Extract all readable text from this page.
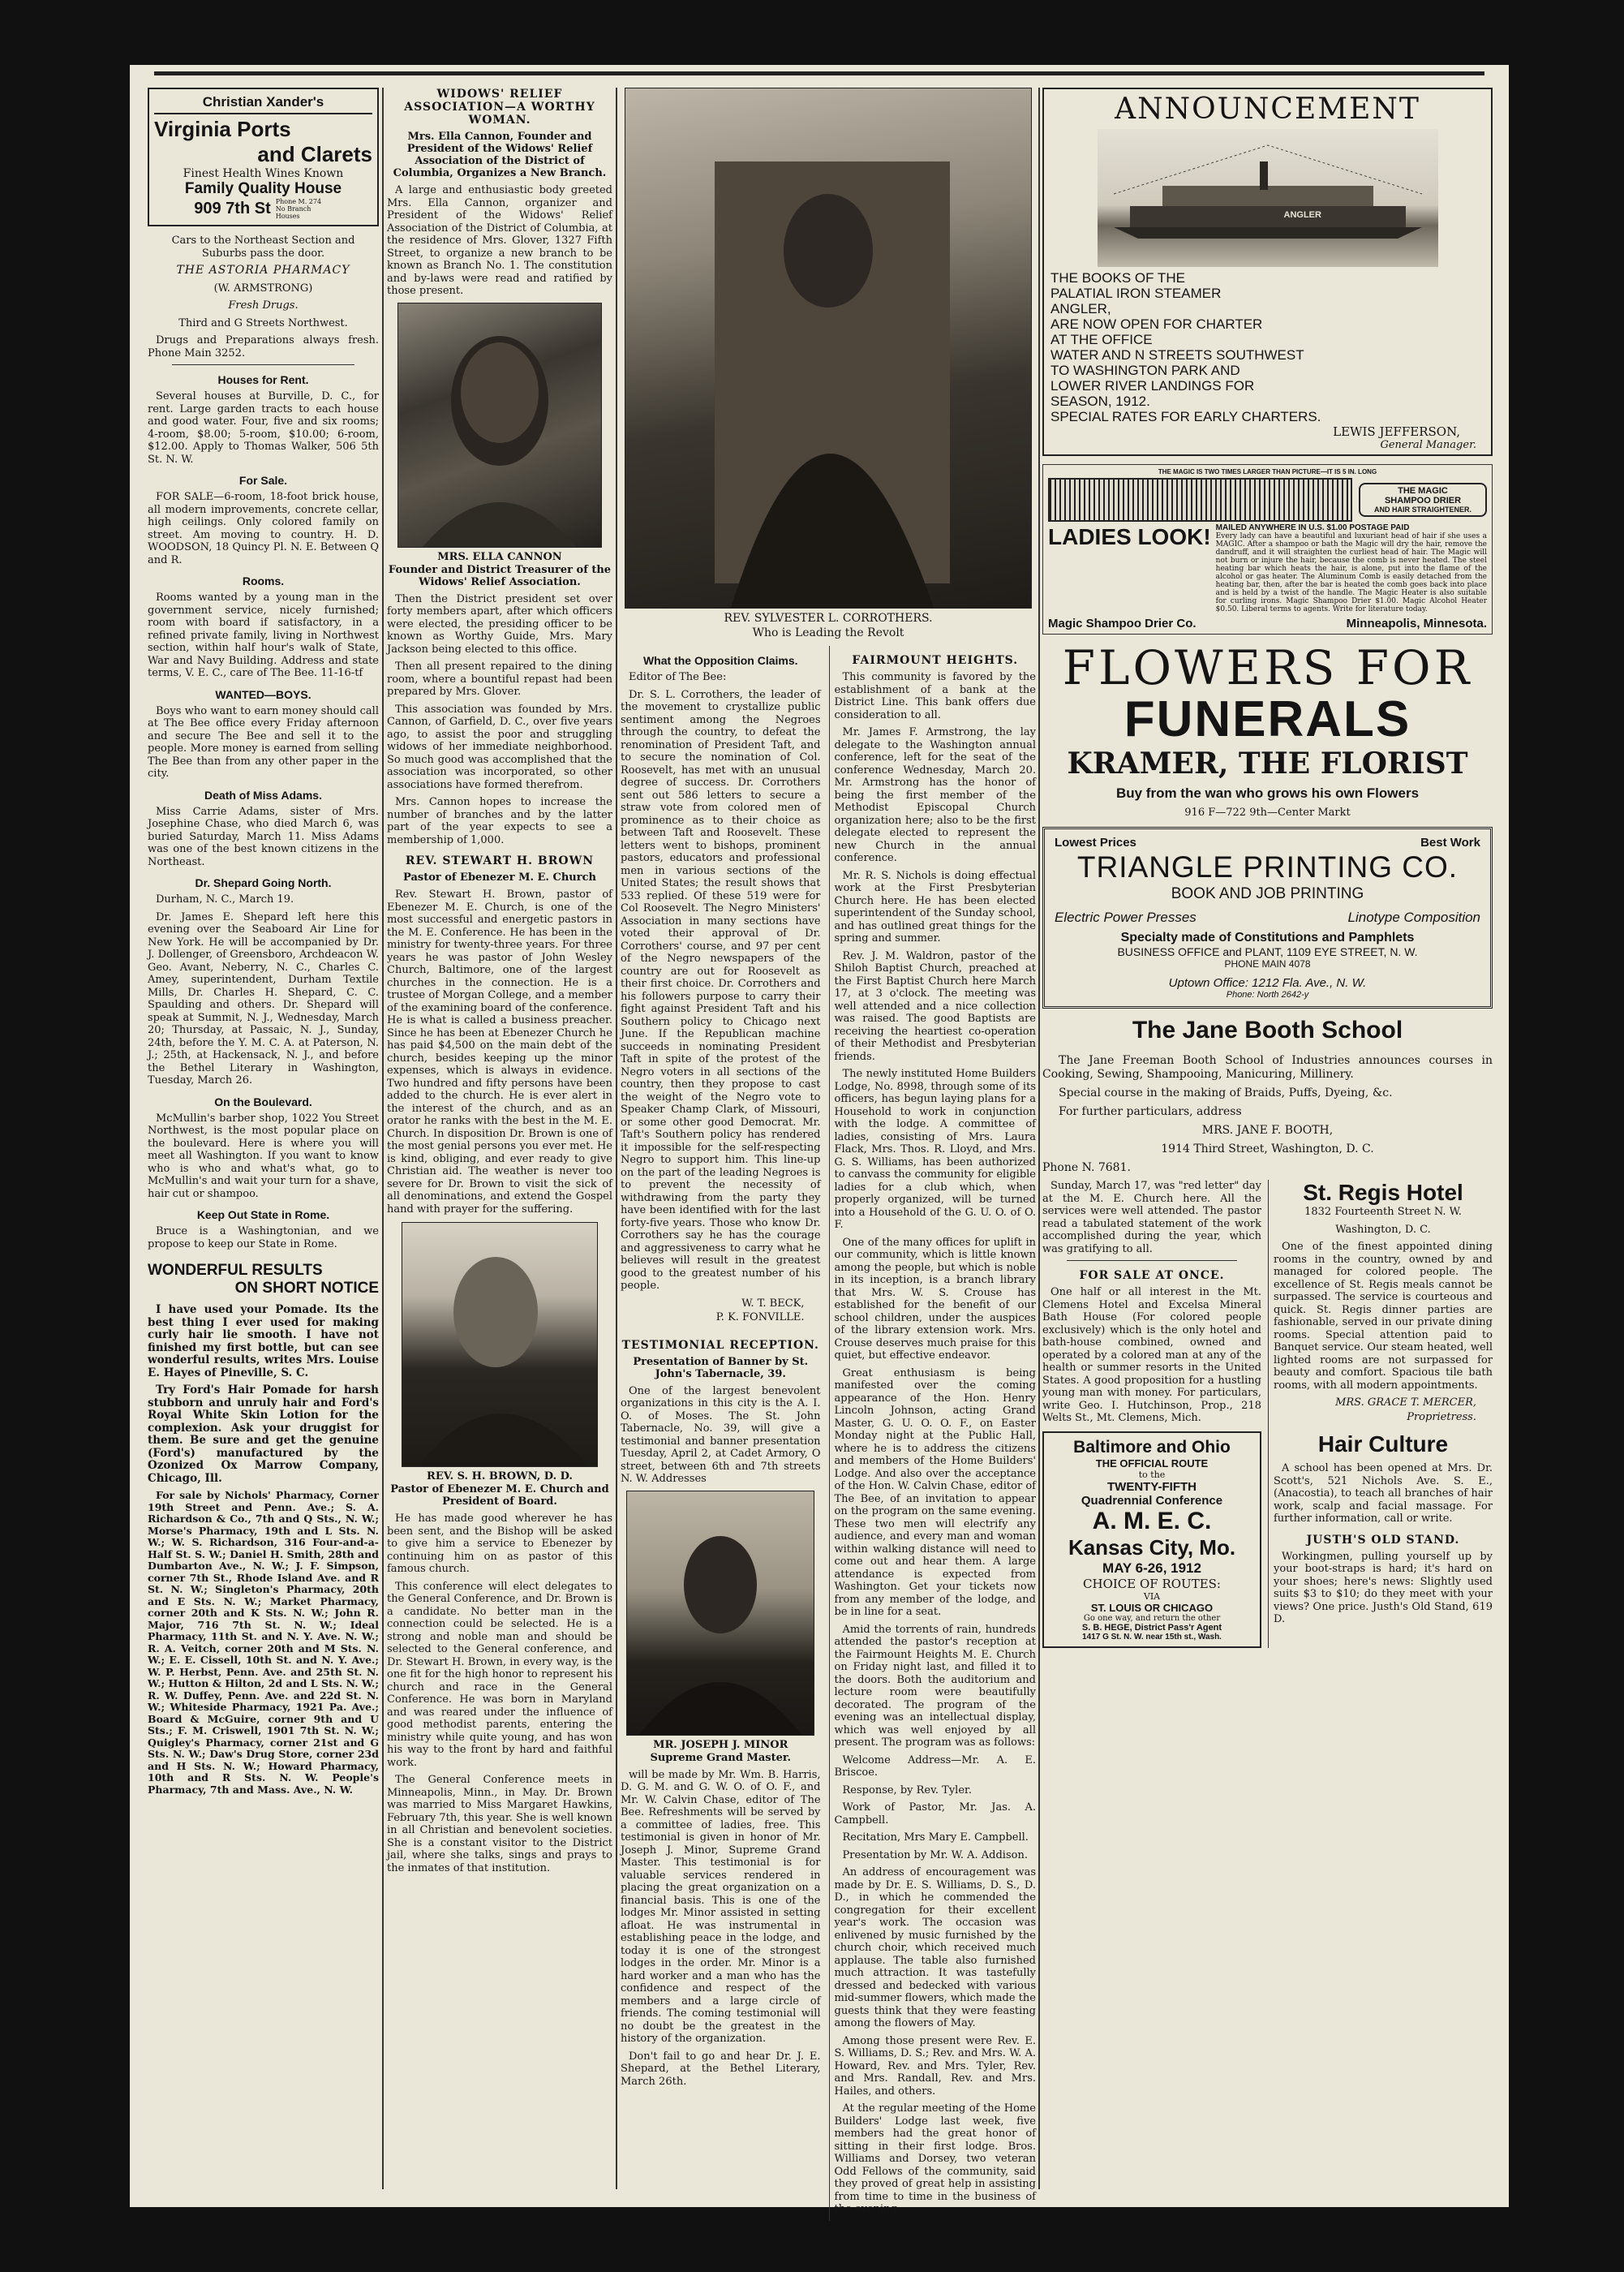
Christian Xander's
Virginia Ports
and Clarets
Finest Health Wines Known
Family Quality House
909 7th St Phone M. 274 No Branch Houses

Cars to the Northeast Section and Suburbs pass the door.

THE ASTORIA PHARMACY

(W. ARMSTRONG)

Fresh Drugs.

Third and G Streets Northwest.

Drugs and Preparations always fresh. Phone Main 3252.

Houses for Rent.

Several houses at Burville, D. C., for rent. Large garden tracts to each house and good water. Four, five and six rooms; 4-room, $8.00; 5-room, $10.00; 6-room, $12.00. Apply to Thomas Walker, 506 5th St. N. W.

For Sale.

FOR SALE—6-room, 18-foot brick house, all modern improvements, concrete cellar, high ceilings. Only colored family on street. Am moving to country. H. D. WOODSON, 18 Quincy Pl. N. E. Between Q and R.

Rooms.

Rooms wanted by a young man in the government service, nicely furnished; room with board if satisfactory, in a refined private family, living in Northwest section, within half hour's walk of State, War and Navy Building. Address and state terms, V. E. C., care of The Bee. 11-16-tf

WANTED—BOYS.

Boys who want to earn money should call at The Bee office every Friday afternoon and secure The Bee and sell it to the people. More money is earned from selling The Bee than from any other paper in the city.

Death of Miss Adams.

Miss Carrie Adams, sister of Mrs. Josephine Chase, who died March 6, was buried Saturday, March 11. Miss Adams was one of the best known citizens in the Northeast.

Dr. Shepard Going North.

Durham, N. C., March 19.

Dr. James E. Shepard left here this evening over the Seaboard Air Line for New York. He will be accompanied by Dr. J. Dollenger, of Greensboro, Archdeacon W. Geo. Avant, Neberry, N. C., Charles C. Amey, superintendent, Durham Textile Mills, Dr. Charles H. Shepard, C. C. Spaulding and others. Dr. Shepard will speak at Summit, N. J., Wednesday, March 20; Thursday, at Passaic, N. J., Sunday, 24th, before the Y. M. C. A. at Paterson, N. J.; 25th, at Hackensack, N. J., and before the Bethel Literary in Washington, Tuesday, March 26.

On the Boulevard.

McMullin's barber shop, 1022 You Street Northwest, is the most popular place on the boulevard. Here is where you will meet all Washington. If you want to know who is who and what's what, go to McMullin's and wait your turn for a shave, hair cut or shampoo.

Keep Out State in Rome.

Bruce is a Washingtonian, and we propose to keep our State in Rome.

WONDERFUL RESULTS
ON SHORT NOTICE

I have used your Pomade. Its the best thing I ever used for making curly hair lie smooth. I have not finished my first bottle, but can see wonderful results, writes Mrs. Louise E. Hayes of Pineville, S. C.

Try Ford's Hair Pomade for harsh stubborn and unruly hair and Ford's Royal White Skin Lotion for the complexion. Ask your druggist for them. Be sure and get the genuine (Ford's) manufactured by the Ozonized Ox Marrow Company, Chicago, Ill.

For sale by Nichols' Pharmacy, Corner 19th Street and Penn. Ave.; S. A. Richardson & Co., 7th and Q Sts., N. W.; Morse's Pharmacy, 19th and L Sts. N. W.; W. S. Richardson, 316 Four-and-a-Half St. S. W.; Daniel H. Smith, 28th and Dumbarton Ave., N. W.; J. F. Simpson, corner 7th St., Rhode Island Ave. and R St. N. W.; Singleton's Pharmacy, 20th and E Sts. N. W.; Market Pharmacy, corner 20th and K Sts. N. W.; John R. Major, 716 7th St. N. W.; Ideal Pharmacy, 11th St. and N. Y. Ave. N. W.; R. A. Veitch, corner 20th and M Sts. N. W.; E. E. Cissell, 10th St. and N. Y. Ave.; W. P. Herbst, Penn. Ave. and 25th St. N. W.; Hutton & Hilton, 2d and L Sts. N. W.; R. W. Duffey, Penn. Ave. and 22d St. N. W.; Whiteside Pharmacy, 1921 Pa. Ave.; Board & McGuire, corner 9th and U Sts.; F. M. Criswell, 1901 7th St. N. W.; Quigley's Pharmacy, corner 21st and G Sts. N. W.; Daw's Drug Store, corner 23d and H Sts. N. W.; Howard Pharmacy, 10th and R Sts. N. W. People's Pharmacy, 7th and Mass. Ave., N. W.

WIDOWS' RELIEF ASSOCIATION—A WORTHY WOMAN.
Mrs. Ella Cannon, Founder and President of the Widows' Relief Association of the District of Columbia, Organizes a New Branch.

A large and enthusiastic body greeted Mrs. Ella Cannon, organizer and President of the Widows' Relief Association of the District of Columbia, at the residence of Mrs. Glover, 1327 Fifth Street, to organize a new branch to be known as Branch No. 1. The constitution and by-laws were read and ratified by those present.

MRS. ELLA CANNON
Founder and District Treasurer of the Widows' Relief Association.

Then the District president set over forty members apart, after which officers were elected, the presiding officer to be known as Worthy Guide, Mrs. Mary Jackson being elected to this office.

Then all present repaired to the dining room, where a bountiful repast had been prepared by Mrs. Glover.

This association was founded by Mrs. Cannon, of Garfield, D. C., over five years ago, to assist the poor and struggling widows of her immediate neighborhood. So much good was accomplished that the association was incorporated, so other associations have formed therefrom.

Mrs. Cannon hopes to increase the number of branches and by the latter part of the year expects to see a membership of 1,000.

REV. STEWART H. BROWN
Pastor of Ebenezer M. E. Church

Rev. Stewart H. Brown, pastor of Ebenezer M. E. Church, is one of the most successful and energetic pastors in the M. E. Conference. He has been in the ministry for twenty-three years. For three years he was pastor of John Wesley Church, Baltimore, one of the largest churches in the connection. He is a trustee of Morgan College, and a member of the examining board of the conference. He is what is called a business preacher. Since he has been at Ebenezer Church he has paid $4,500 on the main debt of the church, besides keeping up the minor expenses, which is always in evidence. Two hundred and fifty persons have been added to the church. He is ever alert in the interest of the church, and as an orator he ranks with the best in the M. E. Church. In disposition Dr. Brown is one of the most genial persons you ever met. He is kind, obliging, and ever ready to give Christian aid. The weather is never too severe for Dr. Brown to visit the sick of all denominations, and extend the Gospel hand with prayer for the suffering.

REV. S. H. BROWN, D. D.
Pastor of Ebenezer M. E. Church and President of Board.

He has made good wherever he has been sent, and the Bishop will be asked to give him a service to Ebenezer by continuing him on as pastor of this famous church.

This conference will elect delegates to the General Conference, and Dr. Brown is a candidate. No better man in the connection could be selected. He is a strong and noble man and should be selected to the General conference, and Dr. Stewart H. Brown, in every way, is the one fit for the high honor to represent his church and race in the General Conference. He was born in Maryland and was reared under the influence of good methodist parents, entering the ministry while quite young, and has won his way to the front by hard and faithful work.

The General Conference meets in Minneapolis, Minn., in May. Dr. Brown was married to Miss Margaret Hawkins, February 7th, this year. She is well known in all Christian and benevolent societies. She is a constant visitor to the District jail, where she talks, sings and prays to the inmates of that institution.

REV. SYLVESTER L. CORROTHERS.
Who is Leading the Revolt
What the Opposition Claims.

Editor of The Bee:

Dr. S. L. Corrothers, the leader of the movement to crystallize public sentiment among the Negroes through the country, to defeat the renomination of President Taft, and to secure the nomination of Col. Roosevelt, has met with an unusual degree of success. Dr. Corrothers sent out 586 letters to secure a straw vote from colored men of prominence as to their choice as between Taft and Roosevelt. These letters went to bishops, prominent pastors, educators and professional men in various sections of the United States; the result shows that 533 replied. Of these 519 were for Col Roosevelt. The Negro Ministers' Association in many sections have voted their approval of Dr. Corrothers' course, and 97 per cent of the Negro newspapers of the country are out for Roosevelt as their first choice. Dr. Corrothers and his followers purpose to carry their fight against President Taft and his Southern policy to Chicago next June. If the Republican machine succeeds in nominating President Taft in spite of the protest of the Negro voters in all sections of the country, then they propose to cast the weight of the Negro vote to Speaker Champ Clark, of Missouri, or some other good Democrat. Mr. Taft's Southern policy has rendered it impossible for the self-respecting Negro to support him. This line-up on the part of the leading Negroes is to prevent the necessity of withdrawing from the party they have been identified with for the last forty-five years. Those who know Dr. Corrothers say he has the courage and aggressiveness to carry what he believes will result in the greatest good to the greatest number of his people.

W. T. BECK,

P. K. FONVILLE.

TESTIMONIAL RECEPTION.
Presentation of Banner by St. John's Tabernacle, 39.

One of the largest benevolent organizations in this city is the A. I. O. of Moses. The St. John Tabernacle, No. 39, will give a testimonial and banner presentation Tuesday, April 2, at Cadet Armory, O street, between 6th and 7th streets N. W. Addresses

MR. JOSEPH J. MINOR
Supreme Grand Master.

will be made by Mr. Wm. B. Harris, D. G. M. and G. W. O. of O. F., and Mr. W. Calvin Chase, editor of The Bee. Refreshments will be served by a committee of ladies, free. This testimonial is given in honor of Mr. Joseph J. Minor, Supreme Grand Master. This testimonial is for valuable services rendered in placing the great organization on a financial basis. This is one of the lodges Mr. Minor assisted in setting afloat. He was instrumental in establishing peace in the lodge, and today it is one of the strongest lodges in the order. Mr. Minor is a hard worker and a man who has the confidence and respect of the members and a large circle of friends. The coming testimonial will no doubt be the greatest in the history of the organization.

Don't fail to go and hear Dr. J. E. Shepard, at the Bethel Literary, March 26th.

FAIRMOUNT HEIGHTS.

This community is favored by the establishment of a bank at the District Line. This bank offers due consideration to all.

Mr. James F. Armstrong, the lay delegate to the Washington annual conference, left for the seat of the conference Wednesday, March 20. Mr. Armstrong has the honor of being the first member of the Methodist Episcopal Church organization here; also to be the first delegate elected to represent the new Church in the annual conference.

Mr. R. S. Nichols is doing effectual work at the First Presbyterian Church here. He has been elected superintendent of the Sunday school, and has outlined great things for the spring and summer.

Rev. J. M. Waldron, pastor of the Shiloh Baptist Church, preached at the First Baptist Church here March 17, at 3 o'clock. The meeting was well attended and a nice collection was raised. The good Baptists are receiving the heartiest co-operation of their Methodist and Presbyterian friends.

The newly instituted Home Builders Lodge, No. 8998, through some of its officers, has begun laying plans for a Household to work in conjunction with the lodge. A committee of ladies, consisting of Mrs. Laura Flack, Mrs. Thos. R. Lloyd, and Mrs. G. S. Williams, has been authorized to canvass the community for eligible ladies for a club which, when properly organized, will be turned into a Household of the G. U. O. of O. F.

One of the many offices for uplift in our community, which is little known among the people, but which is noble in its inception, is a branch library that Mrs. W. S. Crouse has established for the benefit of our school children, under the auspices of the library extension work. Mrs. Crouse deserves much praise for this quiet, but effective endeavor.

Great enthusiasm is being manifested over the coming appearance of the Hon. Henry Lincoln Johnson, acting Grand Master, G. U. O. O. F., on Easter Monday night at the Public Hall, where he is to address the citizens and members of the Home Builders' Lodge. And also over the acceptance of the Hon. W. Calvin Chase, editor of The Bee, of an invitation to appear on the program on the same evening. These two men will electrify any audience, and every man and woman within walking distance will need to come out and hear them. A large attendance is expected from Washington. Get your tickets now from any member of the lodge, and be in line for a seat.

Amid the torrents of rain, hundreds attended the pastor's reception at the Fairmount Heights M. E. Church on Friday night last, and filled it to the doors. Both the auditorium and lecture room were beautifully decorated. The program of the evening was an intellectual display, which was well enjoyed by all present. The program was as follows:

Welcome Address—Mr. A. E. Briscoe.

Response, by Rev. Tyler.

Work of Pastor, Mr. Jas. A. Campbell.

Recitation, Mrs Mary E. Campbell.

Presentation by Mr. W. A. Addison.

An address of encouragement was made by Dr. E. S. Williams, D. S., D. D., in which he commended the congregation for their excellent year's work. The occasion was enlivened by music furnished by the church choir, which received much applause. The table also furnished much attraction. It was tastefully dressed and bedecked with various mid-summer flowers, which made the guests think that they were feasting among the flowers of May.

Among those present were Rev. E. S. Williams, D. S.; Rev. and Mrs. W. A. Howard, Rev. and Mrs. Tyler, Rev. and Mrs. Randall, Rev. and Mrs. Hailes, and others.

At the regular meeting of the Home Builders' Lodge last week, five members had the great honor of sitting in their first lodge. Bros. Williams and Dorsey, two veteran Odd Fellows of the community, said they proved of great help in assisting from time to time in the business of the evening.

ANNOUNCEMENT
ANGLER
THE BOOKS OF THE
PALATIAL IRON STEAMER
ANGLER,
ARE NOW OPEN FOR CHARTER
AT THE OFFICE
WATER AND N STREETS SOUTHWEST
TO WASHINGTON PARK AND
LOWER RIVER LANDINGS FOR
SEASON, 1912.
SPECIAL RATES FOR EARLY CHARTERS.
LEWIS JEFFERSON,
General Manager.
THE MAGIC IS TWO TIMES LARGER THAN PICTURE—IT IS 5 IN. LONG
THE MAGIC
SHAMPOO DRIER
AND HAIR STRAIGHTENER.
LADIES LOOK! MAILED ANYWHERE IN U.S. $1.00 POSTAGE PAID
Every lady can have a beautiful and luxuriant head of hair if she uses a MAGIC. After a shampoo or bath the Magic will dry the hair, remove the dandruff, and it will straighten the curliest head of hair. The Magic will not burn or injure the hair, because the comb is never heated. The steel heating bar which heats the hair, is alone, put into the flame of the alcohol or gas heater. The Aluminum Comb is easily detached from the heating bar, then, after the bar is heated the comb goes back into place and is held by a twist of the handle. The Magic Heater is also suitable for curling irons. Magic Shampoo Drier $1.00. Magic Alcohol Heater $0.50. Liberal terms to agents. Write for literature today.
Magic Shampoo Drier Co.	Minneapolis, Minnesota.
FLOWERS FOR
FUNERALS
KRAMER, THE FLORIST
Buy from the wan who grows his own Flowers
916 F—722 9th—Center Markt
Lowest Prices	Best Work
TRIANGLE PRINTING CO.
BOOK AND JOB PRINTING
Electric Power Presses	Linotype Composition
Specialty made of Constitutions and Pamphlets
BUSINESS OFFICE and PLANT, 1109 EYE STREET, N. W.
PHONE MAIN 4078
Uptown Office: 1212 Fla. Ave., N. W.
Phone: North 2642-y
The Jane Booth School

The Jane Freeman Booth School of Industries announces courses in Cooking, Sewing, Shampooing, Manicuring, Millinery.

Special course in the making of Braids, Puffs, Dyeing, &c.

For further particulars, address

MRS. JANE F. BOOTH,

1914 Third Street, Washington, D. C.

Phone N. 7681.

Sunday, March 17, was "red letter" day at the M. E. Church here. All the services were well attended. The pastor read a tabulated statement of the work accomplished during the year, which was gratifying to all.

FOR SALE AT ONCE.

One half or all interest in the Mt. Clemens Hotel and Excelsa Mineral Bath House (For colored people exclusively) which is the only hotel and bath-house combined, owned and operated by a colored man at any of the health or summer resorts in the United States. A good proposition for a hustling young man with money. For particulars, write Geo. I. Hutchinson, Prop., 218 Welts St., Mt. Clemens, Mich.

Baltimore and Ohio
THE OFFICIAL ROUTE
to the
TWENTY-FIFTH
Quadrennial Conference
A. M. E. C.
Kansas City, Mo.
MAY 6-26, 1912
CHOICE OF ROUTES:
VIA
ST. LOUIS OR CHICAGO
Go one way, and return the other
S. B. HEGE, District Pass'r Agent
1417 G St. N. W. near 15th st., Wash.
St. Regis Hotel

1832 Fourteenth Street N. W.

Washington, D. C.

One of the finest appointed dining rooms in the country, owned by and managed for colored people. The excellence of St. Regis meals cannot be surpassed. The service is courteous and quick. St. Regis dinner parties are fashionable, served in our private dining rooms. Special attention paid to Banquet service. Our steam heated, well lighted rooms are not surpassed for beauty and comfort. Spacious tile bath rooms, with all modern appointments.

MRS. GRACE T. MERCER,

Proprietress.

Hair Culture

A school has been opened at Mrs. Dr. Scott's, 521 Nichols Ave. S. E., (Anacostia), to teach all branches of hair work, scalp and facial massage. For further information, call or write.

JUSTH'S OLD STAND.

Workingmen, pulling yourself up by your boot-straps is hard; it's hard on your shoes; here's news: Slightly used suits $3 to $10; do they meet with your views? One price. Justh's Old Stand, 619 D.
